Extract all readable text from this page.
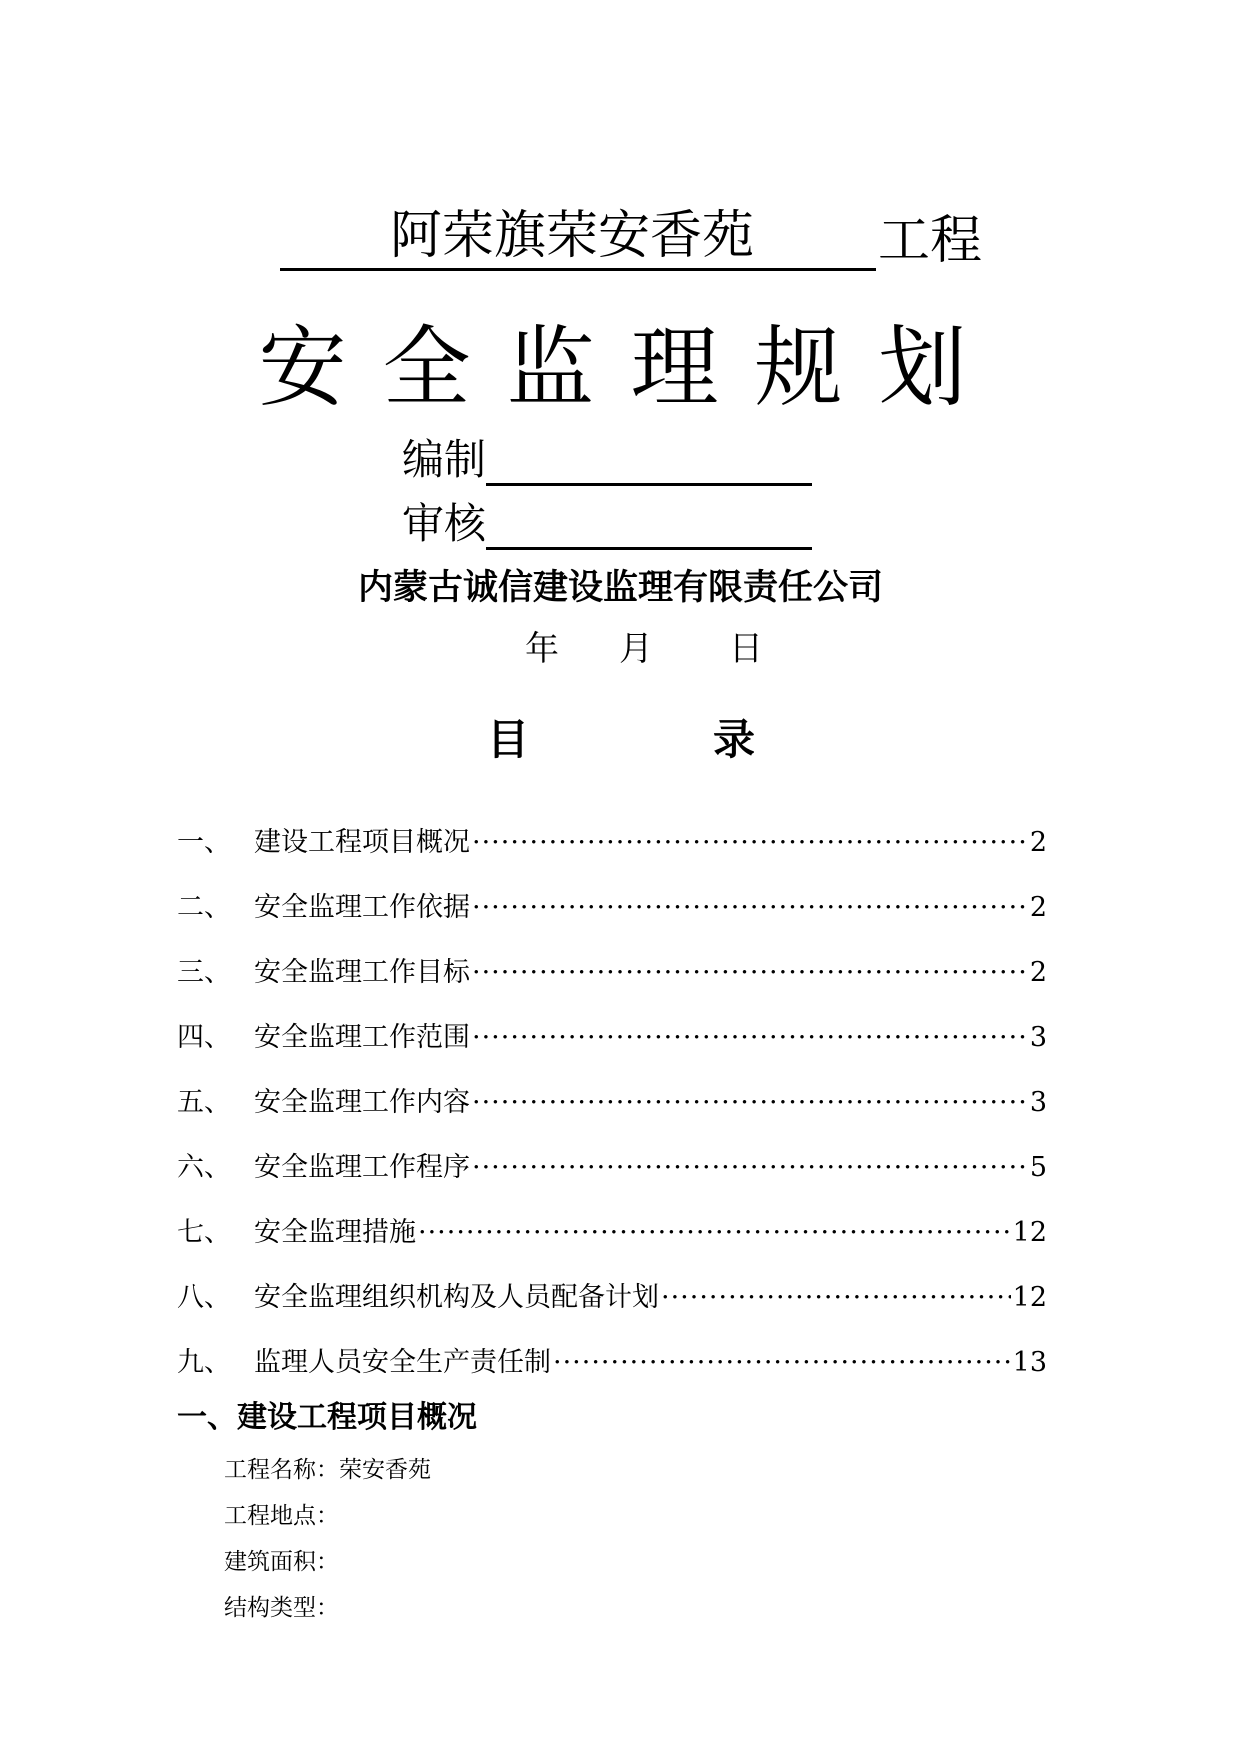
阿荣旗荣安香苑 工程
安全监理规划
编制
审核
内蒙古诚信建设监理有限责任公司
年 月 日
目	录
一、 建设工程项目概况 ·····	2
二、 安全监理工作依据 ·····	2
三、 安全监理工作目标 ·····	2
四、 安全监理工作范围 ·····	3
五、 安全监理工作内容 ·····	3
六、 安全监理工作程序 ·····	5
七、 安全监理措施 ·····	12
八、 安全监理组织机构及人员配备计划 ·····	12
九、 监理人员安全生产责任制 ·····	13
一、建设工程项目概况
工程名称：荣安香苑
工程地点：
建筑面积：
结构类型：
